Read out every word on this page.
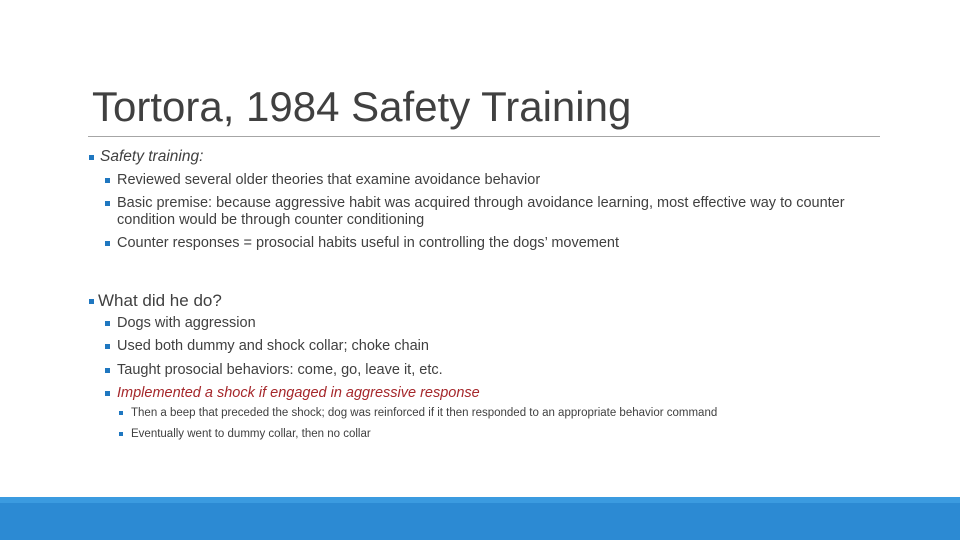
Tortora, 1984 Safety Training
Safety training:
Reviewed several older theories that examine avoidance behavior
Basic premise: because aggressive habit was acquired through avoidance learning, most effective way to counter condition would be through counter conditioning
Counter responses = prosocial habits useful in controlling the dogs’ movement
What did he do?
Dogs with aggression
Used both dummy and shock collar; choke chain
Taught prosocial behaviors: come, go, leave it, etc.
Implemented a shock if engaged in aggressive response
Then a beep that preceded the shock; dog was reinforced if it then responded to an appropriate behavior command
Eventually went to dummy collar, then no collar
